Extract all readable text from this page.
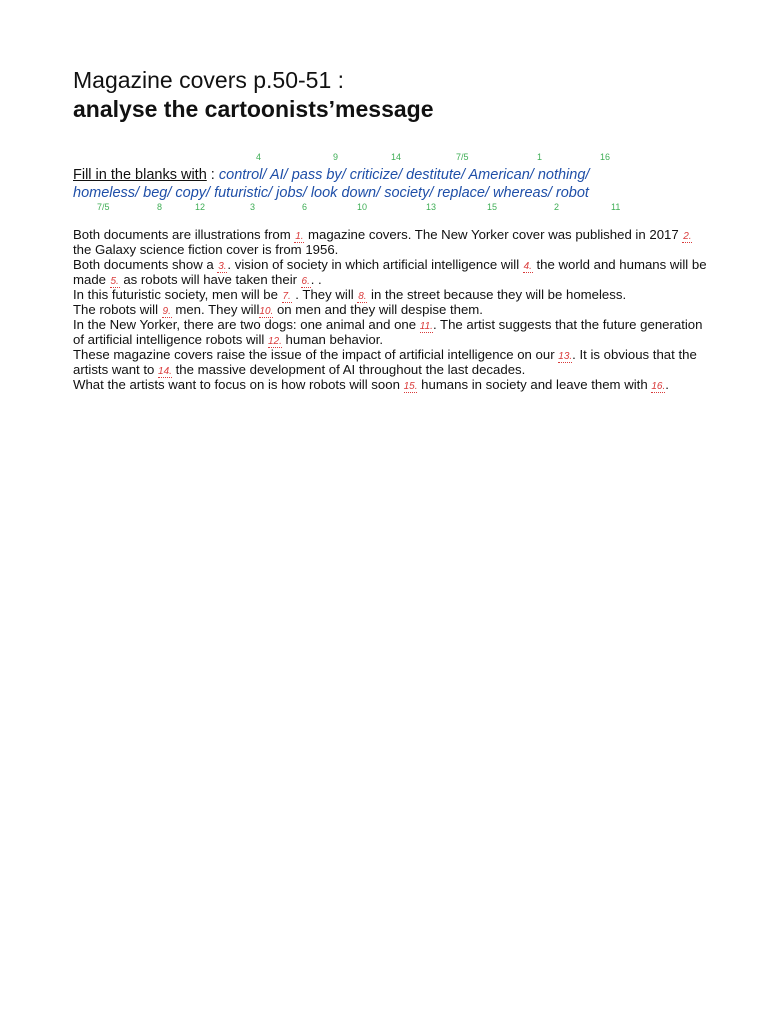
Magazine covers p.50-51 :
analyse the cartoonists’message
4	9	14	7/5	1	16
Fill in the blanks with : control/ AI/ pass by/ criticize/ destitute/ American/ nothing/
homeless/ beg/ copy/ futuristic/ jobs/ look down/ society/ replace/ whereas/ robot
7/5	8	12	3	6	10	13	15	2	11

Both documents are illustrations from 1. magazine covers. The New Yorker cover was published in 2017 2. the Galaxy science fiction cover is from 1956.

Both documents show a 3.. vision of society in which artificial intelligence will 4. the world and humans will be made 5. as robots will have taken their 6.. .

In this futuristic society, men will be 7. . They will 8. in the street because they will be homeless.

The robots will 9. men. They will10. on men and they will despise them.

In the New Yorker, there are two dogs: one animal and one 11.. The artist suggests that the future generation of artificial intelligence robots will 12. human behavior.

These magazine covers raise the issue of the impact of artificial intelligence on our 13.. It is obvious that the artists want to 14. the massive development of AI throughout the last decades.

What the artists want to focus on is how robots will soon 15. humans in society and leave them with 16..
